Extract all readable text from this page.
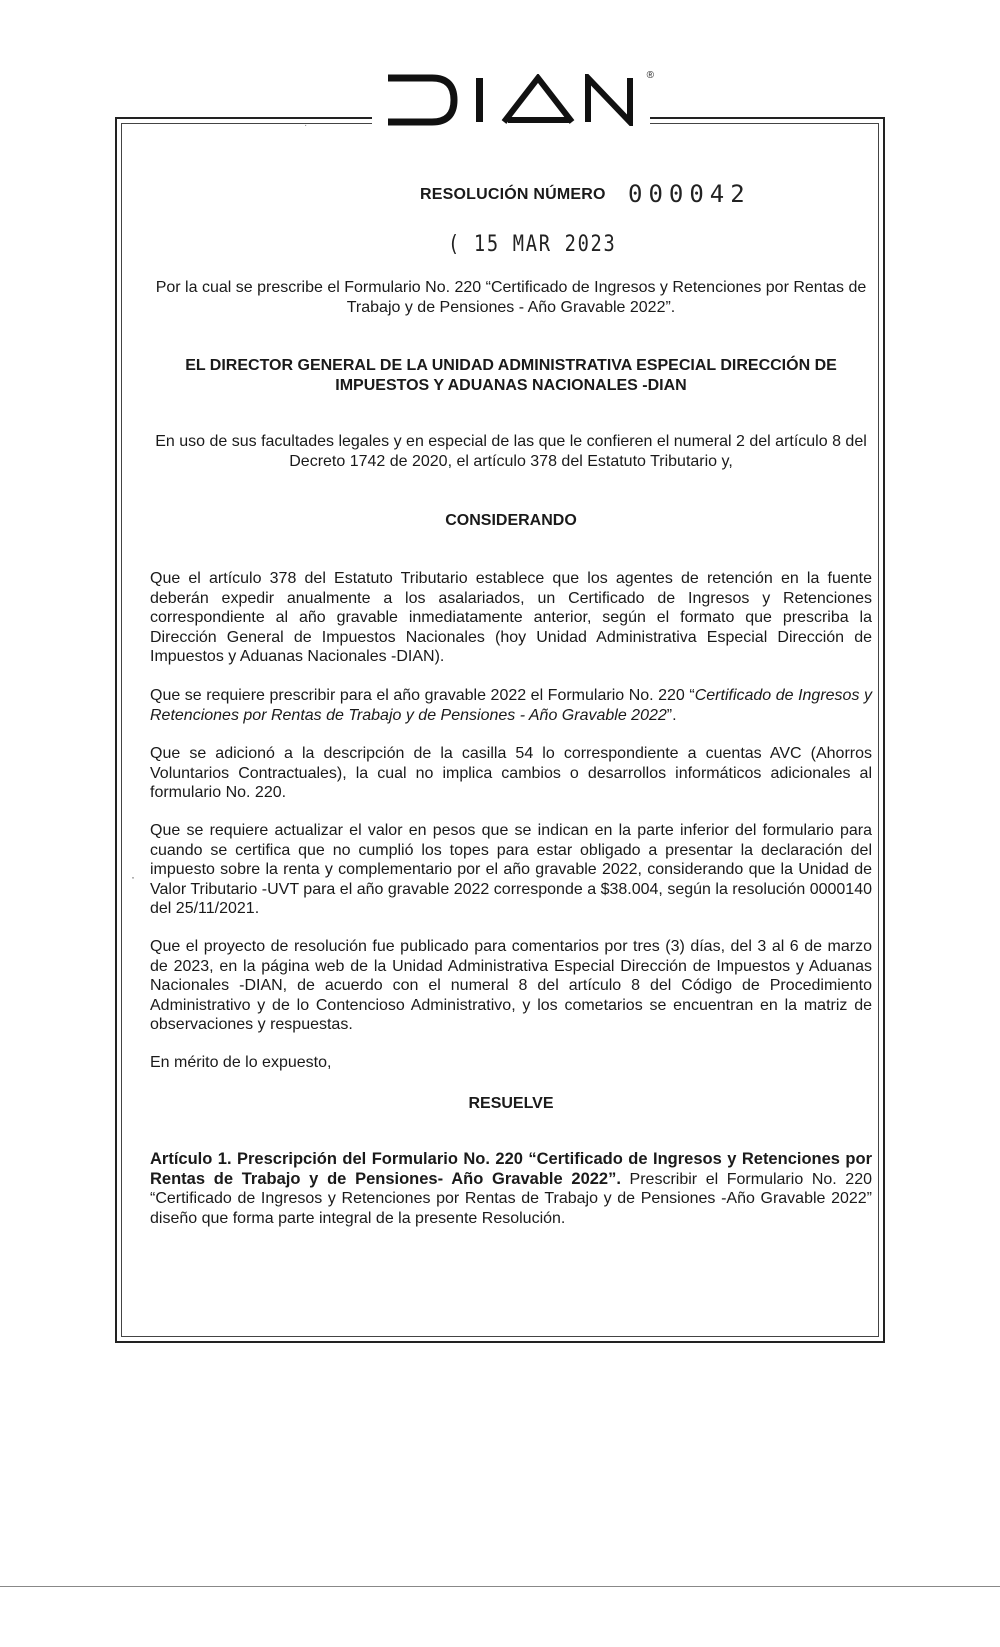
·
®
RESOLUCIÓN NÚMERO 000042
( 15 MAR 2023
Por la cual se prescribe el Formulario No. 220 “Certificado de Ingresos y Retenciones por Rentas de Trabajo y de Pensiones - Año Gravable 2022”.
EL DIRECTOR GENERAL DE LA UNIDAD ADMINISTRATIVA ESPECIAL DIRECCIÓN DE IMPUESTOS Y ADUANAS NACIONALES -DIAN
En uso de sus facultades legales y en especial de las que le confieren el numeral 2 del artículo 8 del Decreto 1742 de 2020, el artículo 378 del Estatuto Tributario y,
CONSIDERANDO
Que el artículo 378 del Estatuto Tributario establece que los agentes de retención en la fuente deberán expedir anualmente a los asalariados, un Certificado de Ingresos y Retenciones correspondiente al año gravable inmediatamente anterior, según el formato que prescriba la Dirección General de Impuestos Nacionales (hoy Unidad Administrativa Especial Dirección de Impuestos y Aduanas Nacionales -DIAN).
Que se requiere prescribir para el año gravable 2022 el Formulario No. 220 “Certificado de Ingresos y Retenciones por Rentas de Trabajo y de Pensiones - Año Gravable 2022”.
Que se adicionó a la descripción de la casilla 54 lo correspondiente a cuentas AVC (Ahorros Voluntarios Contractuales), la cual no implica cambios o desarrollos informáticos adicionales al formulario No. 220.
·
Que se requiere actualizar el valor en pesos que se indican en la parte inferior del formulario para cuando se certifica que no cumplió los topes para estar obligado a presentar la declaración del impuesto sobre la renta y complementario por el año gravable 2022, considerando que la Unidad de Valor Tributario -UVT para el año gravable 2022 corresponde a $38.004, según la resolución 0000140 del 25/11/2021.
Que el proyecto de resolución fue publicado para comentarios por tres (3) días, del 3 al 6 de marzo de 2023, en la página web de la Unidad Administrativa Especial Dirección de Impuestos y Aduanas Nacionales -DIAN, de acuerdo con el numeral 8 del artículo 8 del Código de Procedimiento Administrativo y de lo Contencioso Administrativo, y los cometarios se encuentran en la matriz de observaciones y respuestas.
En mérito de lo expuesto,
RESUELVE
Artículo 1. Prescripción del Formulario No. 220 “Certificado de Ingresos y Retenciones por Rentas de Trabajo y de Pensiones- Año Gravable 2022”. Prescribir el Formulario No. 220 “Certificado de Ingresos y Retenciones por Rentas de Trabajo y de Pensiones -Año Gravable 2022” diseño que forma parte integral de la presente Resolución.
